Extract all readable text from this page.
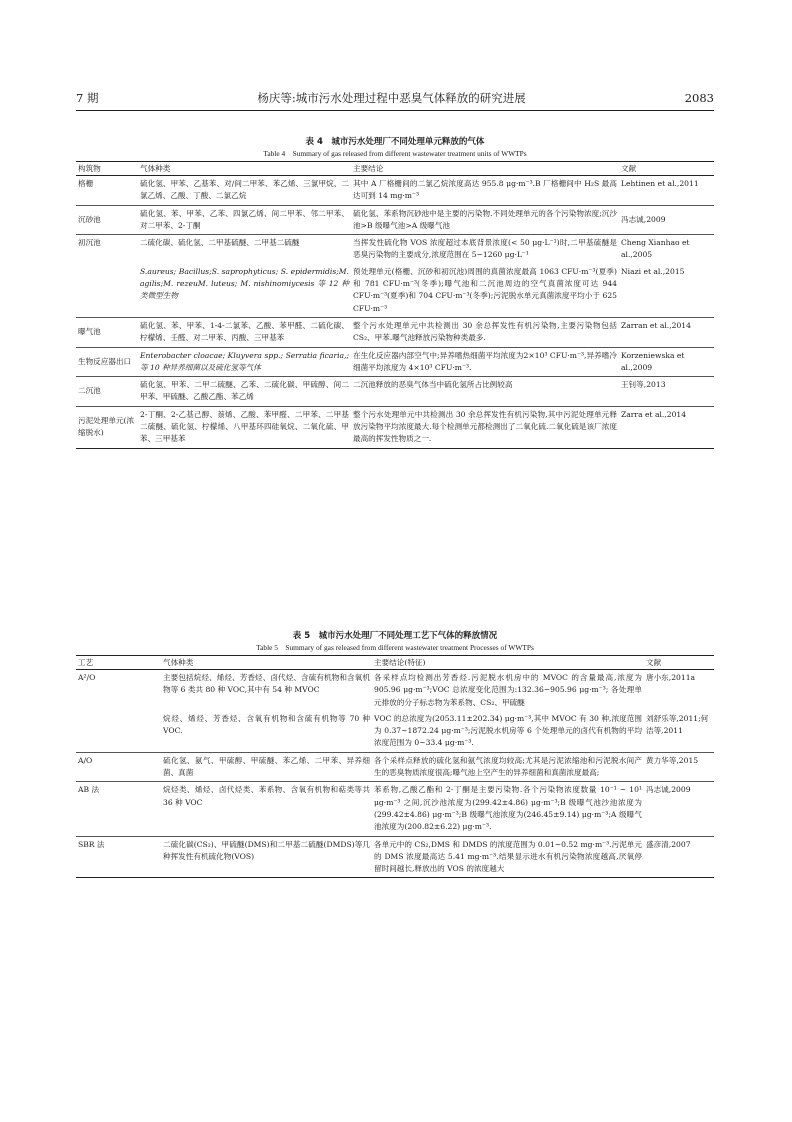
7 期	杨庆等:城市污水处理过程中恶臭气体释放的研究进展	2083
表 4　城市污水处理厂不同处理单元释放的气体
Table 4　Summary of gas released from different wastewater treatment units of WWTPs
构筑物	气体种类	主要结论	文献
格栅	硫化氢、甲苯、乙基苯、对/间二甲苯、苯乙烯、三氯甲烷、二氯乙烯、乙酸、丁酸、二氯乙烷	其中 A 厂格栅间的二氯乙烷浓度高达 955.8 μg·m⁻³.B 厂格栅间中 H₂S 最高达可到 14 mg·m⁻³	Lehtinen et al.,2011
沉砂池	硫化氢、苯、甲苯、乙苯、四氯乙烯、间二甲苯、邻二甲苯、对二甲苯、2-丁酮	硫化氢、苯系物沉砂池中是主要的污染物.不同处理单元的各个污染物浓度;沉沙池>B 级曝气池>A 级曝气池	冯志诚,2009
初沉池	二硫化碳、硫化氢、二甲基硫醚、二甲基二硫醚	当挥发性硫化物 VOS 浓度超过本底背景浓度(< 50 μg·L⁻¹)时,二甲基硫醚是恶臭污染物的主要成分,浓度范围在 5~1260 μg·L⁻¹	Cheng Xianhao et al.,2005
	S.aureus; Bacillus;S. saprophyticus; S. epidermidis;M. agilis;M. rezeuM. luteus; M. nishinomiycesis 等 12 种类微型生物	预处理单元(格栅、沉砂和初沉池)周围的真菌浓度最高 1063 CFU·m⁻³(夏季)和 781 CFU·m⁻³(冬季);曝气池和二沉池周边的空气真菌浓度可达 944 CFU·m⁻³(夏季)和 704 CFU·m⁻³(冬季);污泥脱水单元真菌浓度平均小于 625 CFU·m⁻³	Niazi et al.,2015
曝气池	硫化氢、苯、甲苯、1-4-二氯苯、乙酸、苯甲醛、二硫化碳、柠檬烯、壬醛、对二甲苯、丙酸、三甲基苯	整个污水处理单元中共检测出 30 余总挥发性有机污染物,主要污染物包括 CS₂、甲苯.曝气池释放污染物种类最多.	Zarran et al.,2014
生物反应器出口	Enterobacter cloacae; Kluyvera spp.; Serratia ficaria,;等 10 种异养细菌以及硫化氢等气体	在生化反应器内部空气中;异养嗜热细菌平均浓度为2×10³ CFU·m⁻³,异养嗜冷细菌平均浓度为 4×10³ CFU·m⁻³.	Korzeniewska et al.,2009
二沉池	硫化氢、甲苯、二甲二硫醚、乙苯、二硫化碳、甲硫醇、间二甲苯、甲硫醚、乙酸乙酯、苯乙烯	二沉池释放的恶臭气体当中硫化氢所占比例较高	王钊等,2013
污泥处理单元(浓缩脱水)	2-丁酮、2-乙基己醇、萘烯、乙酸、苯甲醛、二甲苯、二甲基二硫醚、硫化氢、柠檬烯、八甲基环四硅氧烷、二氧化硫、甲苯、三甲基苯	整个污水处理单元中共检测出 30 余总挥发性有机污染物,其中污泥处理单元释放污染物平均浓度最大.每个检测单元都检测出了二氧化硫.二氧化硫是该厂浓度最高的挥发性物质之一.	Zarra et al.,2014
表 5　城市污水处理厂不同处理工艺下气体的释放情况
Table 5　Summary of gas released from different wastewater treatment Processes of WWTPs
工艺	气体种类	主要结论(特征)	文献
A²/O	主要包括烷烃、烯烃、芳香烃、卤代烃、含硫有机物和含氧机物等 6 类共 80 种 VOC,其中有 54 种 MVOC	各采样点均检测出芳香烃.污泥脱水机房中的 MVOC 的含量最高,浓度为 905.96 μg·m⁻³;VOC 总浓度变化范围为:132.36~905.96 μg·m⁻³; 各处理单元排放的分子标志物为苯系物、CS₂、甲硫醚	唐小东,2011a
	烷烃、烯烃、芳香烃、含氧有机物和含硫有机物等 70 种 VOC.	VOC 的总浓度为(2053.11±202.34) μg·m⁻³,其中 MVOC 有 30 种,浓度范围为 0.37~1872.24 μg·m⁻³;污泥脱水机房等 6 个处理单元的卤代有机物的平均浓度范围为 0~33.4 μg·m⁻³.	刘舒乐等,2011;何洁等,2011
A/O	硫化氢、氨气、甲硫醇、甲硫醚、苯乙烯、二甲苯、异养细菌、真菌	各个采样点释放的硫化氢和氨气浓度均较高;尤其是污泥浓缩池和污泥脱水间产生的恶臭物质浓度很高;曝气池上空产生的异养细菌和真菌浓度最高;	黄力华等,2015
AB 法	烷烃类、烯烃、卤代烃类、苯系物、含氧有机物和萜类等共 36 种 VOC	苯系物,乙酸乙酯和 2-丁酮是主要污染物.各个污染物浓度数量 10⁻¹ ~ 10¹ μg·m⁻³ 之间,沉沙池浓度为(299.42±4.86) μg·m⁻³;B 级曝气池沙池浓度为(299.42±4.86) μg·m⁻³;B 级曝气池浓度为(246.45±9.14) μg·m⁻³;A 级曝气池浓度为(200.82±6.22) μg·m⁻³.	冯志诚,2009
SBR 法	二硫化碳(CS₂)、甲硫醚(DMS)和二甲基二硫醚(DMDS)等几种挥发性有机硫化物(VOS)	各单元中的 CS₂,DMS 和 DMDS 的浓度范围为 0.01~0.52 mg·m⁻³.污泥单元的 DMS 浓度最高达 5.41 mg·m⁻³.结果显示进水有机污染物浓度越高,厌氧停留时间越长,释放出的 VOS 的浓度越大	盛彦清,2007
